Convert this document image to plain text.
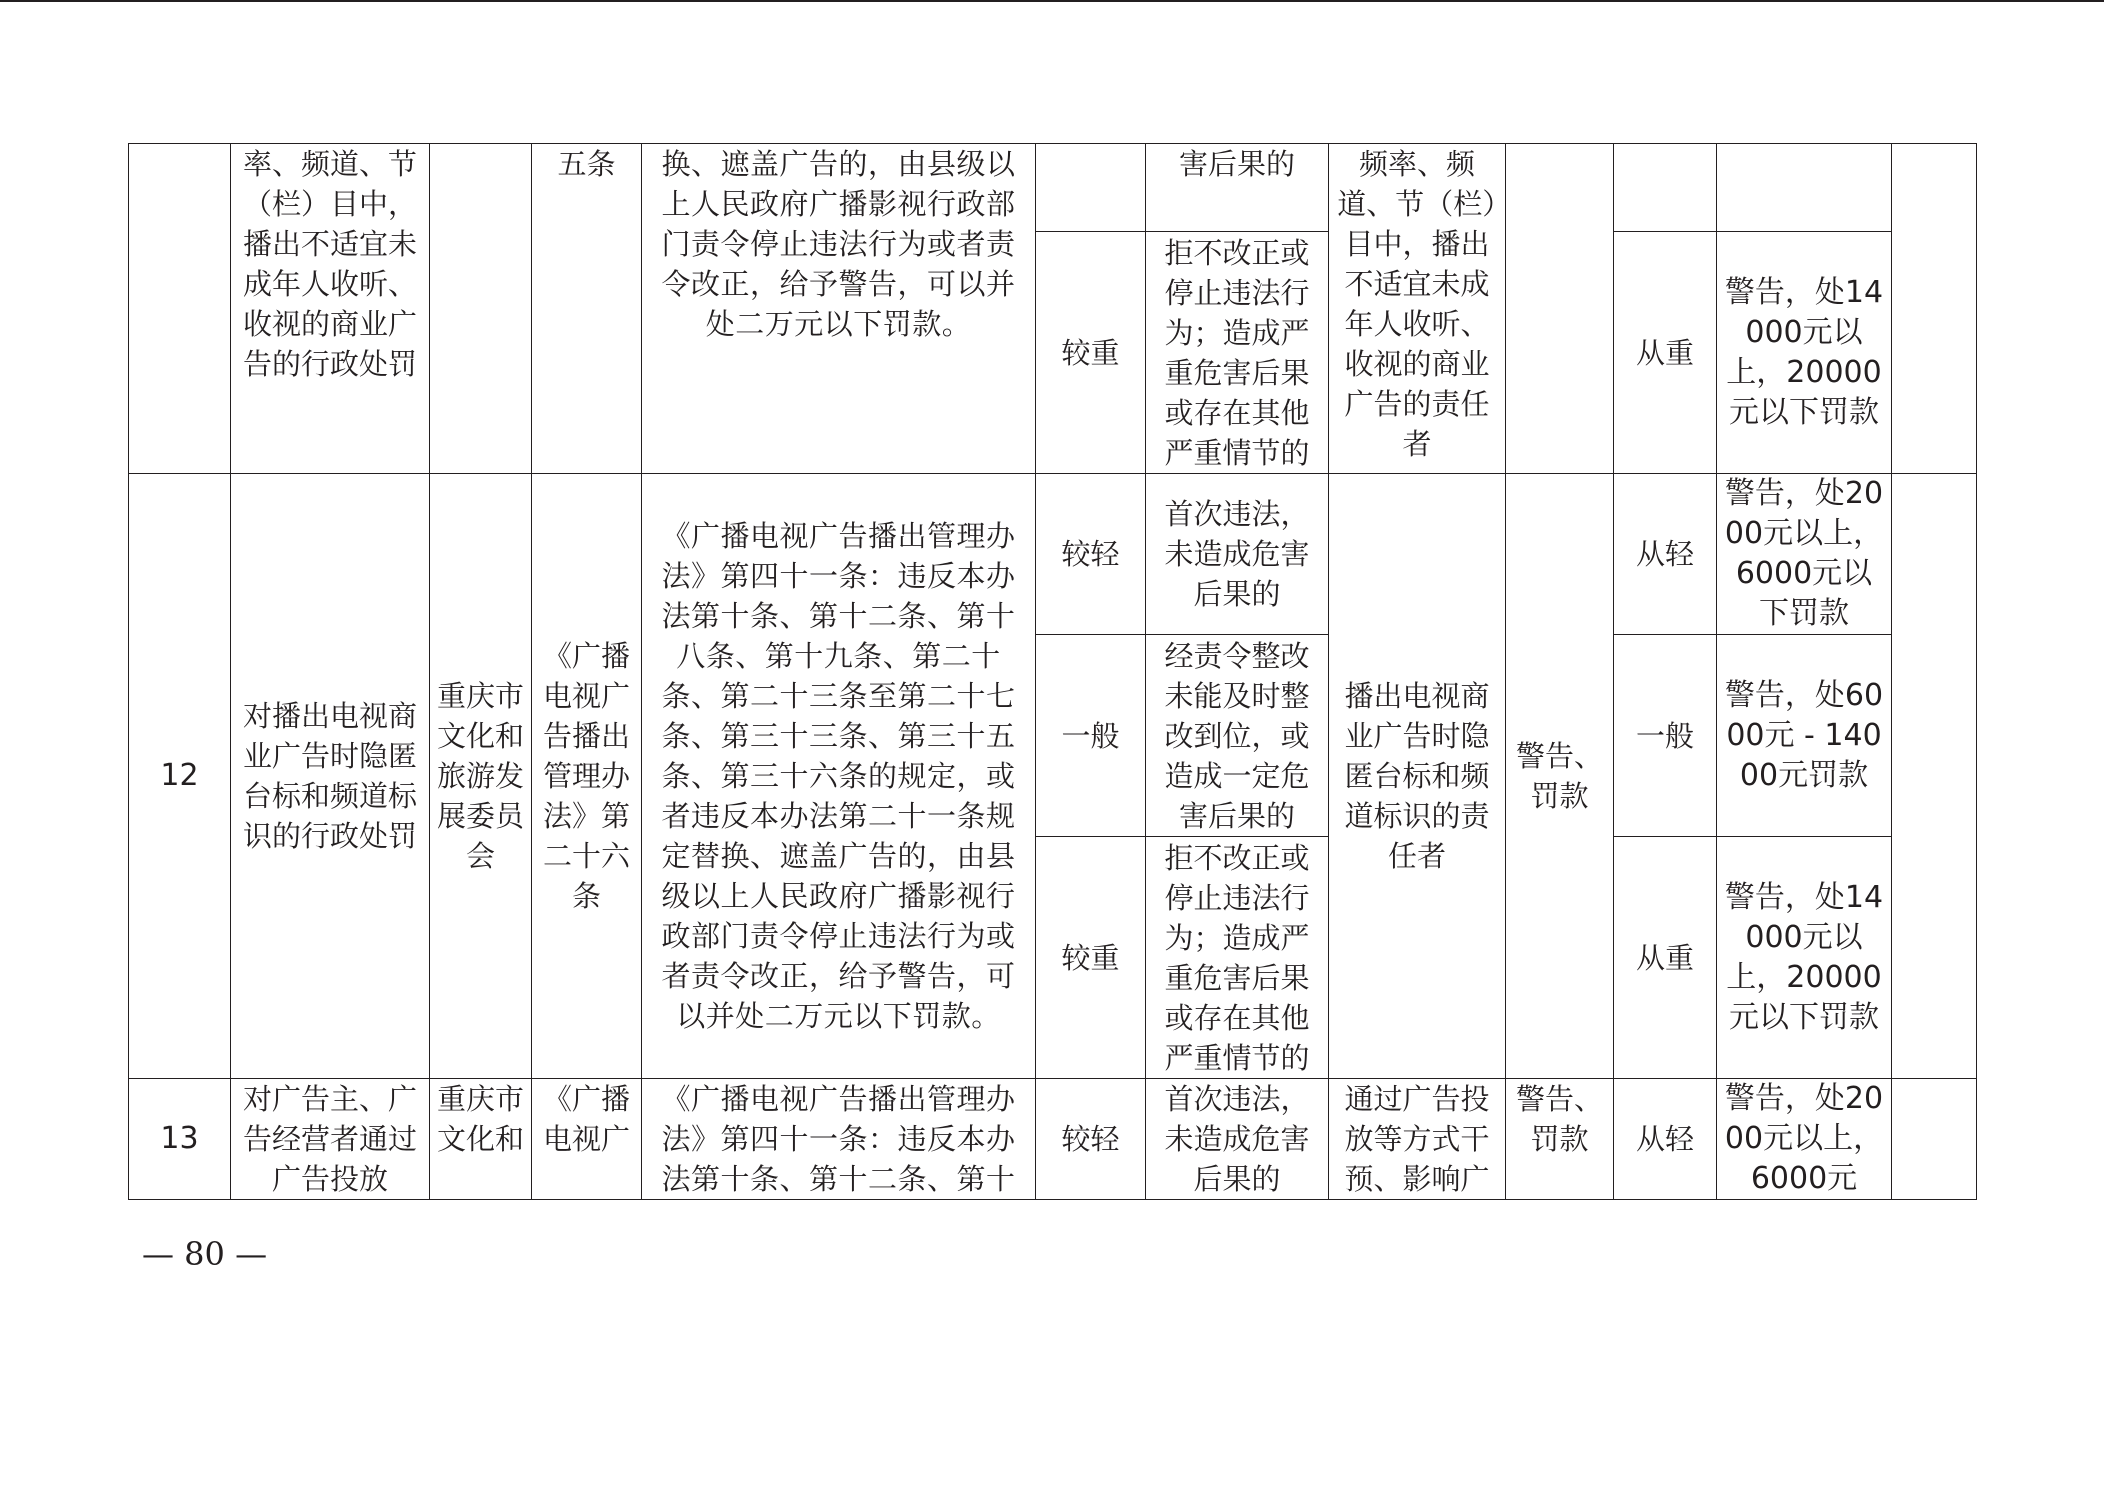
	率、频道、节（栏）目中，播出不适宜未成年人收听、收视的商业广告的行政处罚		五条	换、遮盖广告的，由县级以上人民政府广播影视行政部门责令停止违法行为或者责令改正，给予警告，可以并处二万元以下罚款。		害后果的	频率、频道、节（栏）目中，播出不适宜未成年人收听、收视的商业广告的责任者				
					较重	拒不改正或停止违法行为；造成严重危害后果或存在其他严重情节的			从重	警告，处14000元以上，20000元以下罚款	
12	对播出电视商业广告时隐匿台标和频道标识的行政处罚	重庆市文化和旅游发展委员会	《广播电视广告播出管理办法》第二十六条	《广播电视广告播出管理办法》第四十一条：违反本办法第十条、第十二条、第十八条、第十九条、第二十条、第二十三条至第二十七条、第三十三条、第三十五条、第三十六条的规定，或者违反本办法第二十一条规定替换、遮盖广告的，由县级以上人民政府广播影视行政部门责令停止违法行为或者责令改正，给予警告，可以并处二万元以下罚款。	较轻	首次违法，未造成危害后果的	播出电视商业广告时隐匿台标和频道标识的责任者	警告、罚款	从轻	警告，处2000元以上，6000元以下罚款	
					一般	经责令整改未能及时整改到位，或造成一定危害后果的			一般	警告，处6000元 - 14000元罚款	
					较重	拒不改正或停止违法行为；造成严重危害后果或存在其他严重情节的			从重	警告，处14000元以上，20000元以下罚款	
13	对广告主、广告经营者通过广告投放	重庆市文化和	《广播电视广	《广播电视广告播出管理办法》第四十一条：违反本办法第十条、第十二条、第十	较轻	首次违法，未造成危害后果的	通过广告投放等方式干预、影响广	警告、罚款	从轻	警告，处2000元以上，6000元	
— 80 —
